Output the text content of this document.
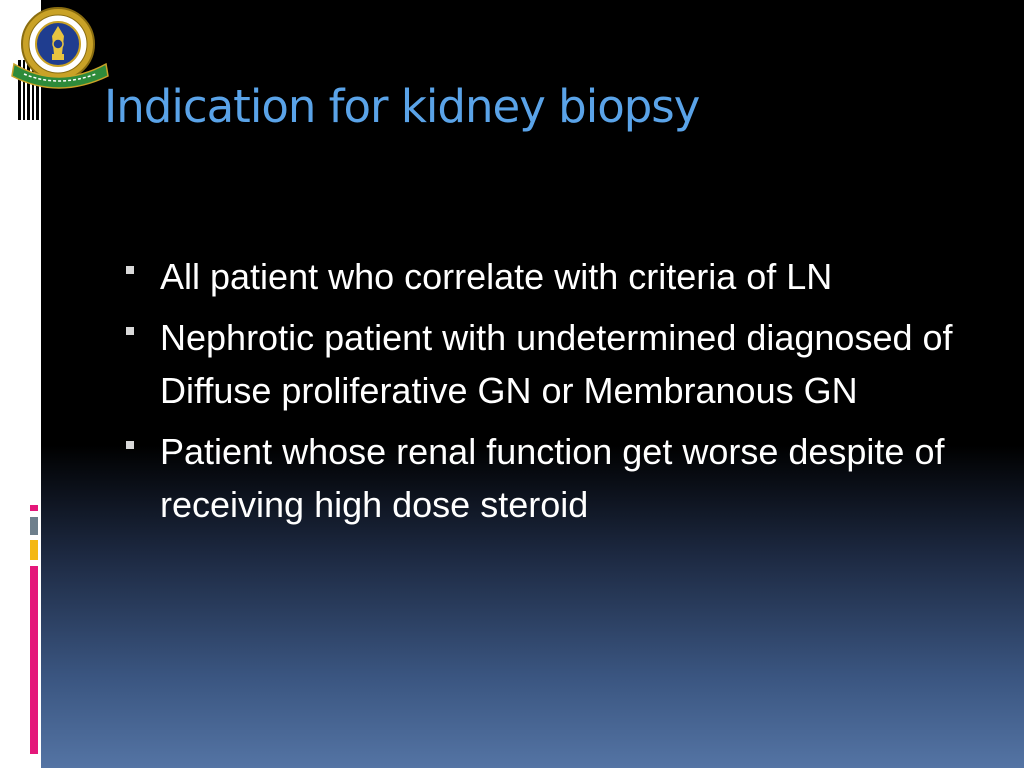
Indication for kidney biopsy
All patient who correlate with criteria of LN
Nephrotic patient with undetermined diagnosed of Diffuse proliferative GN or Membranous GN
Patient whose renal function get worse despite of receiving high dose steroid
